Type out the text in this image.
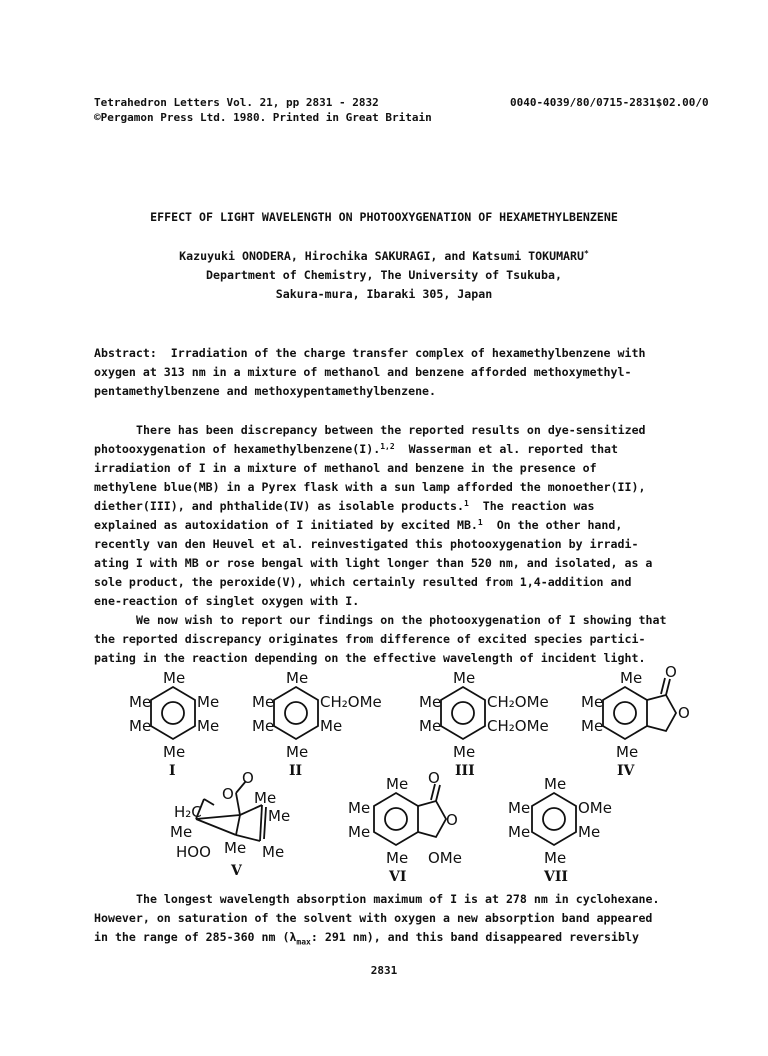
Tetrahedron Letters Vol. 21, pp 2831 - 2832
©Pergamon Press Ltd. 1980. Printed in Great Britain
0040-4039/80/0715-2831$02.00/0
EFFECT OF LIGHT WAVELENGTH ON PHOTOOXYGENATION OF HEXAMETHYLBENZENE
Kazuyuki ONODERA, Hirochika SAKURAGI, and Katsumi TOKUMARU*
Department of Chemistry, The University of Tsukuba,
Sakura-mura, Ibaraki 305, Japan
Abstract: Irradiation of the charge transfer complex of hexamethylbenzene with
oxygen at 313 nm in a mixture of methanol and benzene afforded methoxymethyl-
pentamethylbenzene and methoxypentamethylbenzene.
There has been discrepancy between the reported results on dye-sensitized
photooxygenation of hexamethylbenzene(I).$^{1,2}$ Wasserman et al. reported that
irradiation of I in a mixture of methanol and benzene in the presence of
methylene blue(MB) in a Pyrex flask with a sun lamp afforded the monoether(II),
diether(III), and phthalide(IV) as isolable products.$^1$ The reaction was
explained as autoxidation of I initiated by excited MB.$^1$ On the other hand,
recently van den Heuvel et al. reinvestigated this photooxygenation by irradi-
ating I with MB or rose bengal with light longer than 520 nm, and isolated, as a
sole product, the peroxide(V), which certainly resulted from 1,4-addition and
ene-reaction of singlet oxygen with I.
We now wish to report our findings on the photooxygenation of I showing that
the reported discrepancy originates from difference of excited species partici-
pating in the reaction depending on the effective wavelength of incident light.
Me
Me	Me
Me	Me
Me
I
Me
Me	CH₂OMe
Me	Me
Me
II
Me
Me	CH₂OMe
Me	CH₂OMe
Me
III
O
O
Me
Me
Me
Me
IV
O
O
H₂C
Me
Me
Me
HOO Me Me
V
O
O
Me
Me
Me
Me OMe
VI
Me
Me	OMe
Me	Me
Me
VII
The longest wavelength absorption maximum of I is at 278 nm in cyclohexane.
However, on saturation of the solvent with oxygen a new absorption band appeared
in the range of 285-360 nm ($\lambda_{max}$: 291 nm), and this band disappeared reversibly
2831
